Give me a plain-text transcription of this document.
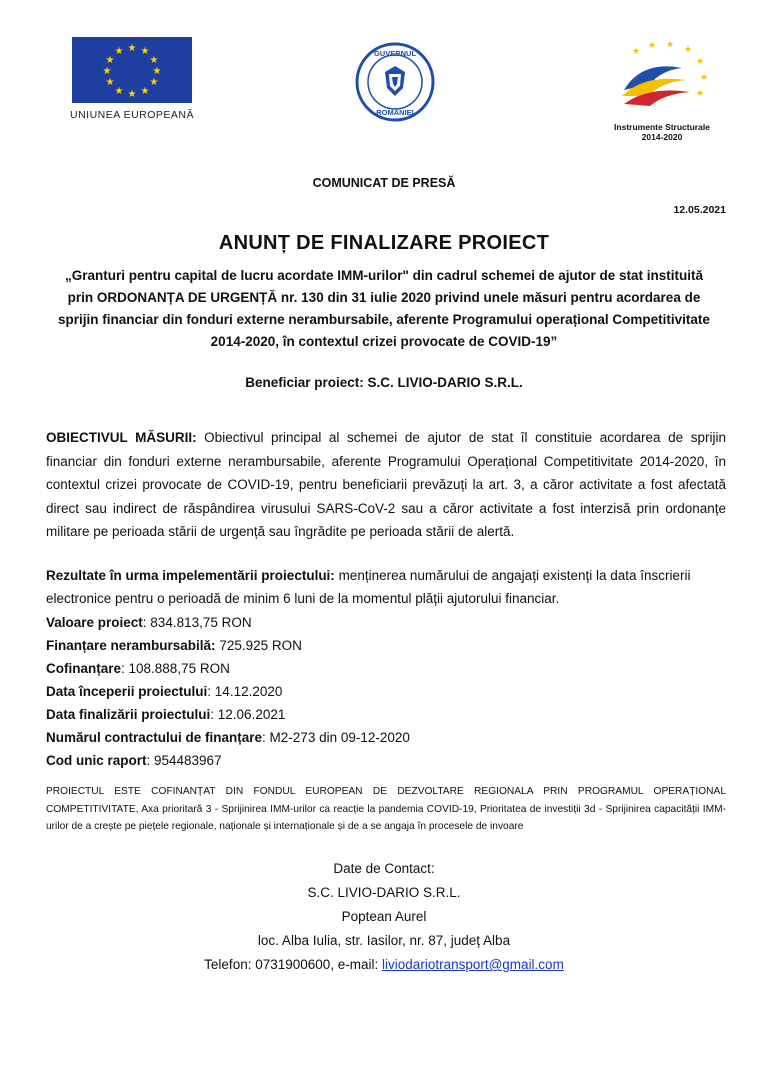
★ ★
★
★
★
★
★
★
★
★
★
★
UNIUNEA EUROPEANĂ
GUVERNUL
ROMÂNIEI
★
★ ★ ★
★
★
★
Instrumente Structurale
2014-2020
COMUNICAT DE PRESĂ
12.05.2021
ANUNȚ DE FINALIZARE PROIECT
„Granturi pentru capital de lucru acordate IMM-urilor" din cadrul schemei de ajutor de stat instituită prin ORDONANȚA DE URGENȚĂ nr. 130 din 31 iulie 2020 privind unele măsuri pentru acordarea de sprijin financiar din fonduri externe nerambursabile, aferente Programului operațional Competitivitate 2014-2020, în contextul crizei provocate de COVID-19”
Beneficiar proiect: S.C. LIVIO-DARIO S.R.L.
OBIECTIVUL MĂSURII: Obiectivul principal al schemei de ajutor de stat îl constituie acordarea de sprijin financiar din fonduri externe nerambursabile, aferente Programului Operațional Competitivitate 2014-2020, în contextul crizei provocate de COVID-19, pentru beneficiarii prevăzuți la art. 3, a căror activitate a fost afectată direct sau indirect de răspândirea virusului SARS-CoV-2 sau a căror activitate a fost interzisă prin ordonanțe militare pe perioada stării de urgență sau îngrădite pe perioada stării de alertă.
Rezultate în urma impelementării proiectului: menținerea numărului de angajați existenți la data înscrierii electronice pentru o perioadă de minim 6 luni de la momentul plății ajutorului financiar.
Valoare proiect: 834.813,75 RON
Finanțare nerambursabilă: 725.925 RON
Cofinanțare: 108.888,75 RON
Data începerii proiectului: 14.12.2020
Data finalizării proiectului: 12.06.2021
Numărul contractului de finanțare: M2-273 din 09-12-2020
Cod unic raport: 954483967
PROIECTUL ESTE COFINANȚAT DIN FONDUL EUROPEAN DE DEZVOLTARE REGIONALA PRIN PROGRAMUL OPERAȚIONAL COMPETITIVITATE, Axa prioritară 3 - Sprijinirea IMM-urilor ca reacție la pandemia COVID-19, Prioritatea de investiții 3d - Sprijinirea capacității IMM-urilor de a crește pe piețele regionale, naționale și internaționale și de a se angaja în procesele de invoare
Date de Contact:
S.C. LIVIO-DARIO S.R.L.
Poptean Aurel
loc. Alba Iulia, str. Iasilor, nr. 87, județ Alba
Telefon: 0731900600, e-mail: liviodariotransport@gmail.com
